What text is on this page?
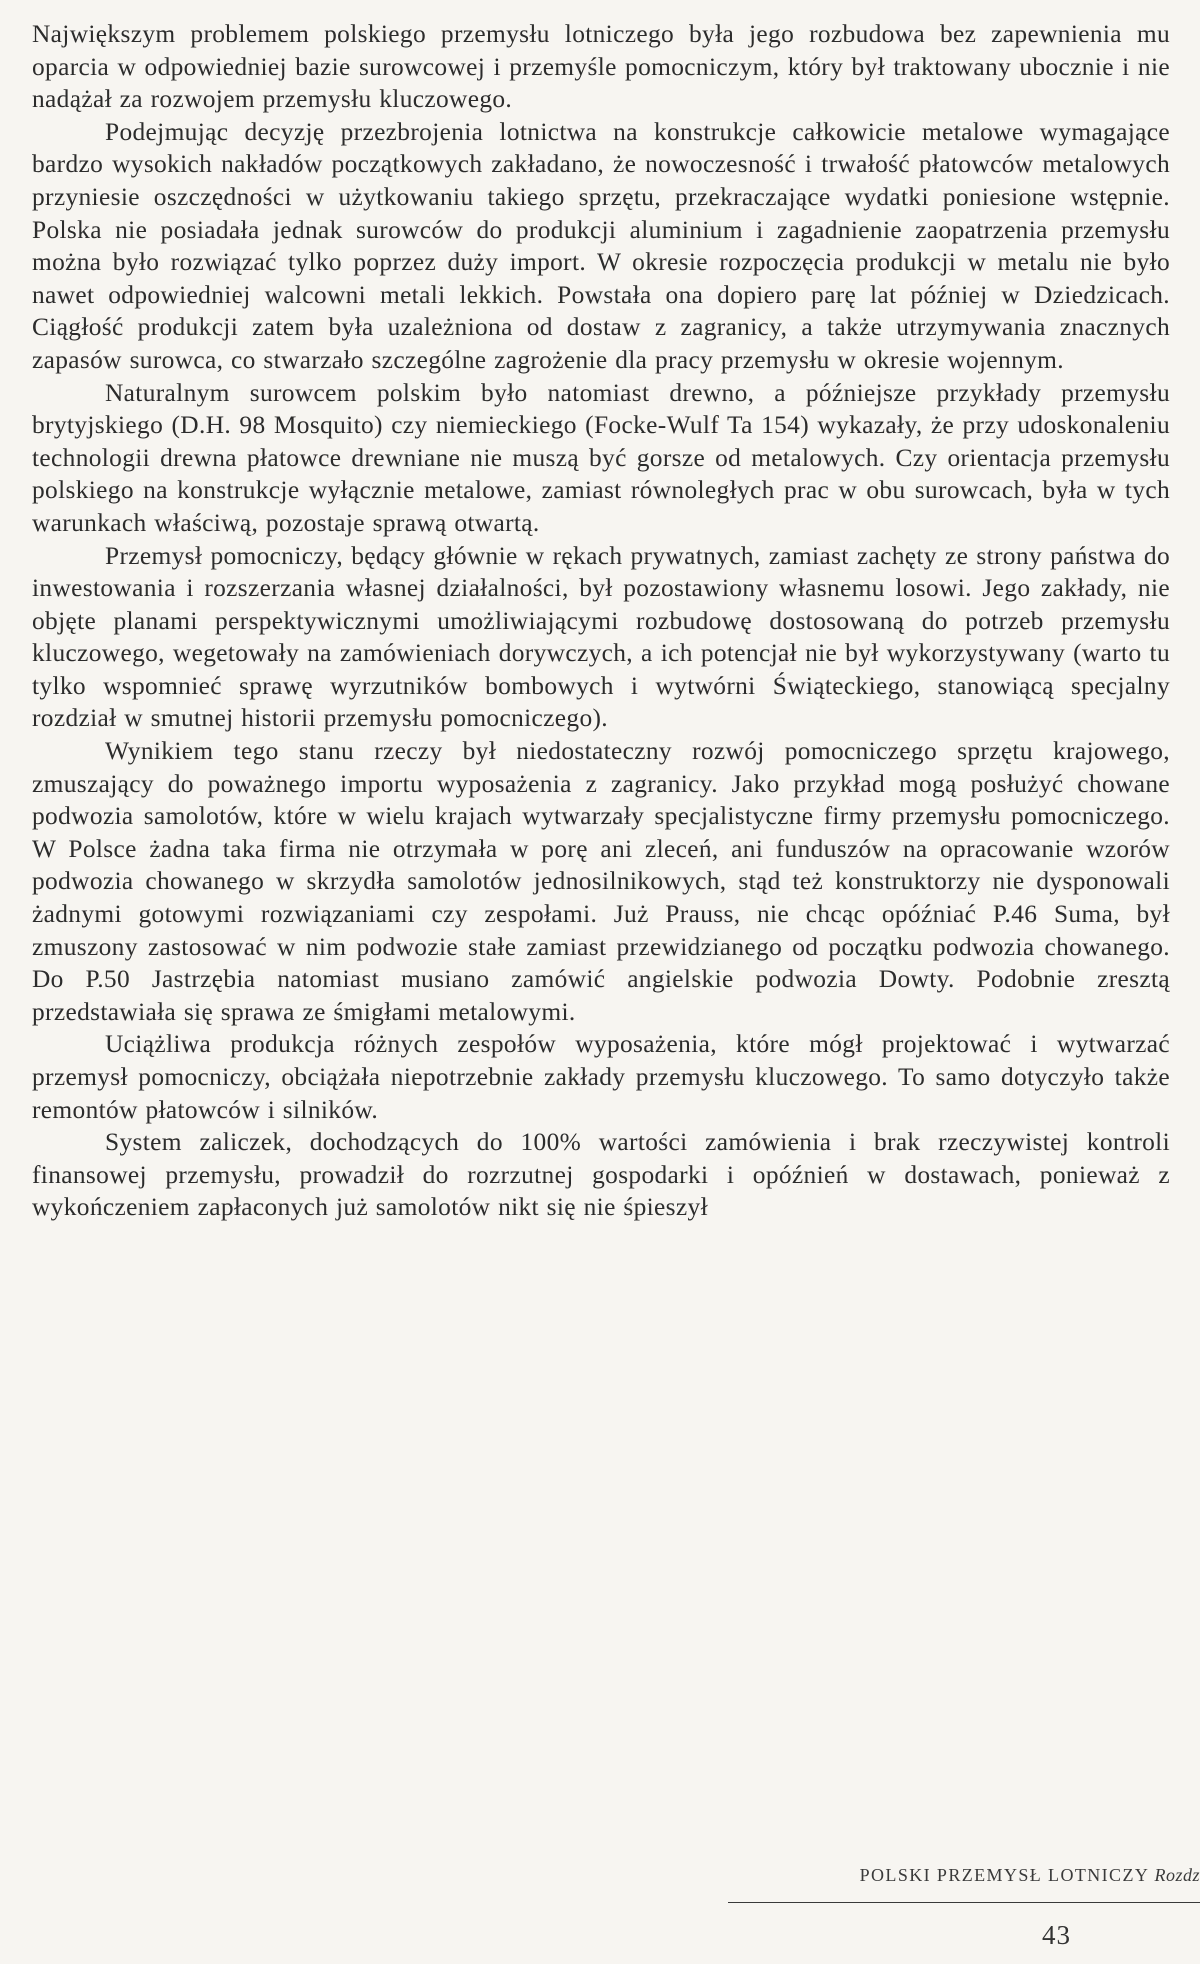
Największym problemem polskiego przemysłu lotniczego była jego rozbudowa bez zapewnienia mu oparcia w odpowiedniej bazie surowcowej i przemyśle pomocniczym, który był traktowany ubocznie i nie nadążał za rozwojem przemysłu kluczowego.

Podejmując decyzję przezbrojenia lotnictwa na konstrukcje całkowicie metalowe wymagające bardzo wysokich nakładów początkowych zakładano, że nowoczesność i trwałość płatowców metalowych przyniesie oszczędności w użytkowaniu takiego sprzętu, przekraczające wydatki poniesione wstępnie. Polska nie posiadała jednak surowców do produkcji aluminium i zagadnienie zaopatrzenia przemysłu można było rozwiązać tylko poprzez duży import. W okresie rozpoczęcia produkcji w metalu nie było nawet odpowiedniej walcowni metali lekkich. Powstała ona dopiero parę lat później w Dziedzicach. Ciągłość produkcji zatem była uzależniona od dostaw z zagranicy, a także utrzymywania znacznych zapasów surowca, co stwarzało szczególne zagrożenie dla pracy przemysłu w okresie wojennym.

Naturalnym surowcem polskim było natomiast drewno, a późniejsze przykłady przemysłu brytyjskiego (D.H. 98 Mosquito) czy niemieckiego (Focke-Wulf Ta 154) wykazały, że przy udoskonaleniu technologii drewna płatowce drewniane nie muszą być gorsze od metalowych. Czy orientacja przemysłu polskiego na konstrukcje wyłącznie metalowe, zamiast równoległych prac w obu surowcach, była w tych warunkach właściwą, pozostaje sprawą otwartą.

Przemysł pomocniczy, będący głównie w rękach prywatnych, zamiast zachęty ze strony państwa do inwestowania i rozszerzania własnej działalności, był pozostawiony własnemu losowi. Jego zakłady, nie objęte planami perspektywicznymi umożliwiającymi rozbudowę dostosowaną do potrzeb przemysłu kluczowego, wegetowały na zamówieniach dorywczych, a ich potencjał nie był wykorzystywany (warto tu tylko wspomnieć sprawę wyrzutników bombowych i wytwórni Świąteckiego, stanowiącą specjalny rozdział w smutnej historii przemysłu pomocniczego).

Wynikiem tego stanu rzeczy był niedostateczny rozwój pomocniczego sprzętu krajowego, zmuszający do poważnego importu wyposażenia z zagranicy. Jako przykład mogą posłużyć chowane podwozia samolotów, które w wielu krajach wytwarzały specjalistyczne firmy przemysłu pomocniczego. W Polsce żadna taka firma nie otrzymała w porę ani zleceń, ani funduszów na opracowanie wzorów podwozia chowanego w skrzydła samolotów jednosilnikowych, stąd też konstruktorzy nie dysponowali żadnymi gotowymi rozwiązaniami czy zespołami. Już Prauss, nie chcąc opóźniać P.46 Suma, był zmuszony zastosować w nim podwozie stałe zamiast przewidzianego od początku podwozia chowanego. Do P.50 Jastrzębia natomiast musiano zamówić angielskie podwozia Dowty. Podobnie zresztą przedstawiała się sprawa ze śmigłami metalowymi.

Uciążliwa produkcja różnych zespołów wyposażenia, które mógł projektować i wytwarzać przemysł pomocniczy, obciążała niepotrzebnie zakłady przemysłu kluczowego. To samo dotyczyło także remontów płatowców i silników.

System zaliczek, dochodzących do 100% wartości zamówienia i brak rzeczywistej kontroli finansowej przemysłu, prowadził do rozrzutnej gospodarki i opóźnień w dostawach, ponieważ z wykończeniem zapłaconych już samolotów nikt się nie śpieszył

POLSKI PRZEMYSŁ LOTNICZY Rozdz
43
